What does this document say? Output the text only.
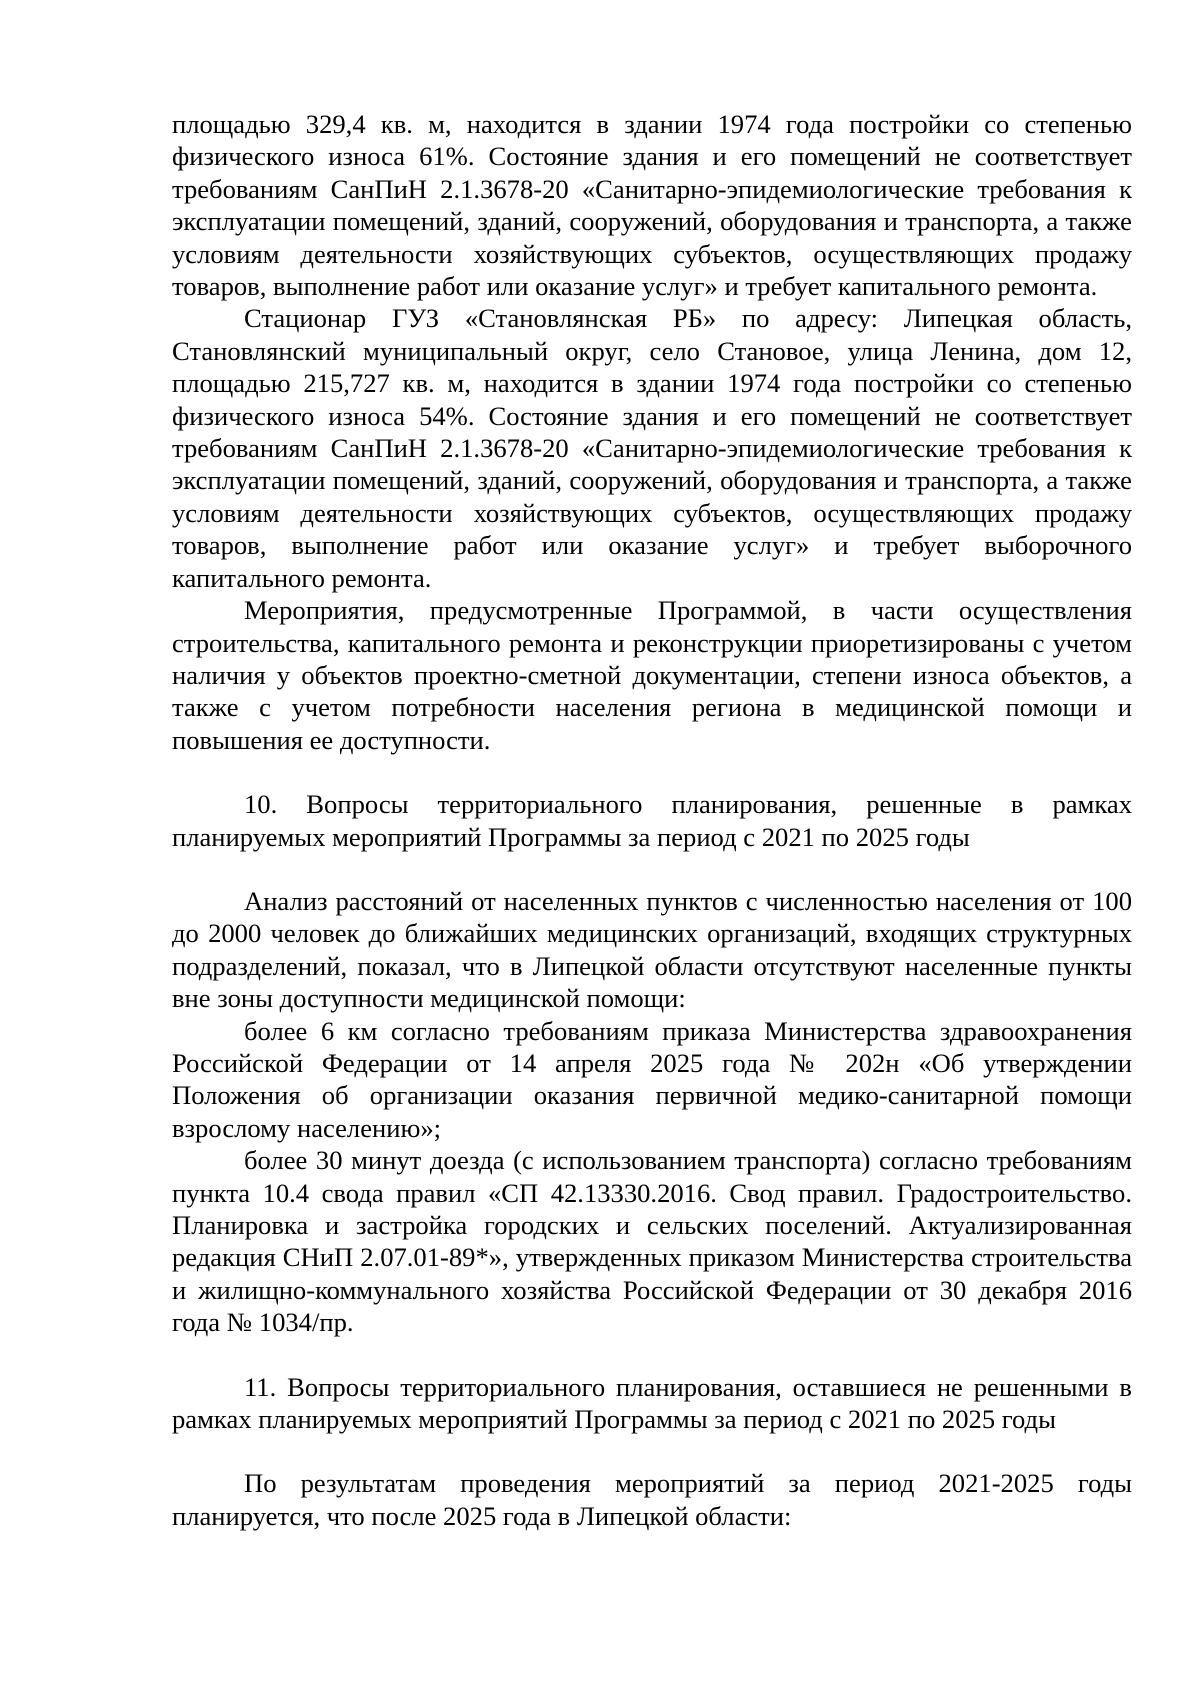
площадью 329,4 кв. м, находится в здании 1974 года постройки со степенью физического износа 61%. Состояние здания и его помещений не соответствует требованиям СанПиН 2.1.3678-20 «Санитарно-эпидемиологические требования к эксплуатации помещений, зданий, сооружений, оборудования и транспорта, а также условиям деятельности хозяйствующих субъектов, осуществляющих продажу товаров, выполнение работ или оказание услуг» и требует капитального ремонта.

Стационар ГУЗ «Становлянская РБ» по адресу: Липецкая область, Становлянский муниципальный округ, село Становое, улица Ленина, дом 12, площадью 215,727 кв. м, находится в здании 1974 года постройки со степенью физического износа 54%. Состояние здания и его помещений не соответствует требованиям СанПиН 2.1.3678-20 «Санитарно-эпидемиологические требования к эксплуатации помещений, зданий, сооружений, оборудования и транспорта, а также условиям деятельности хозяйствующих субъектов, осуществляющих продажу товаров, выполнение работ или оказание услуг» и требует выборочного капитального ремонта.

Мероприятия, предусмотренные Программой, в части осуществления строительства, капитального ремонта и реконструкции приоретизированы с учетом наличия у объектов проектно-сметной документации, степени износа объектов, а также с учетом потребности населения региона в медицинской помощи и повышения ее доступности.

10. Вопросы территориального планирования, решенные в рамках планируемых мероприятий Программы за период с 2021 по 2025 годы

Анализ расстояний от населенных пунктов с численностью населения от 100 до 2000 человек до ближайших медицинских организаций, входящих структурных подразделений, показал, что в Липецкой области отсутствуют населенные пункты вне зоны доступности медицинской помощи:

более 6 км согласно требованиям приказа Министерства здравоохранения Российской Федерации от 14 апреля 2025 года № 202н «Об утверждении Положения об организации оказания первичной медико-санитарной помощи взрослому населению»;

более 30 минут доезда (с использованием транспорта) согласно требованиям пункта 10.4 свода правил «СП 42.13330.2016. Свод правил. Градостроительство. Планировка и застройка городских и сельских поселений. Актуализированная редакция СНиП 2.07.01-89*», утвержденных приказом Министерства строительства и жилищно-коммунального хозяйства Российской Федерации от 30 декабря 2016 года № 1034/пр.

11. Вопросы территориального планирования, оставшиеся не решенными в рамках планируемых мероприятий Программы за период с 2021 по 2025 годы

По результатам проведения мероприятий за период 2021-2025 годы планируется, что после 2025 года в Липецкой области:
